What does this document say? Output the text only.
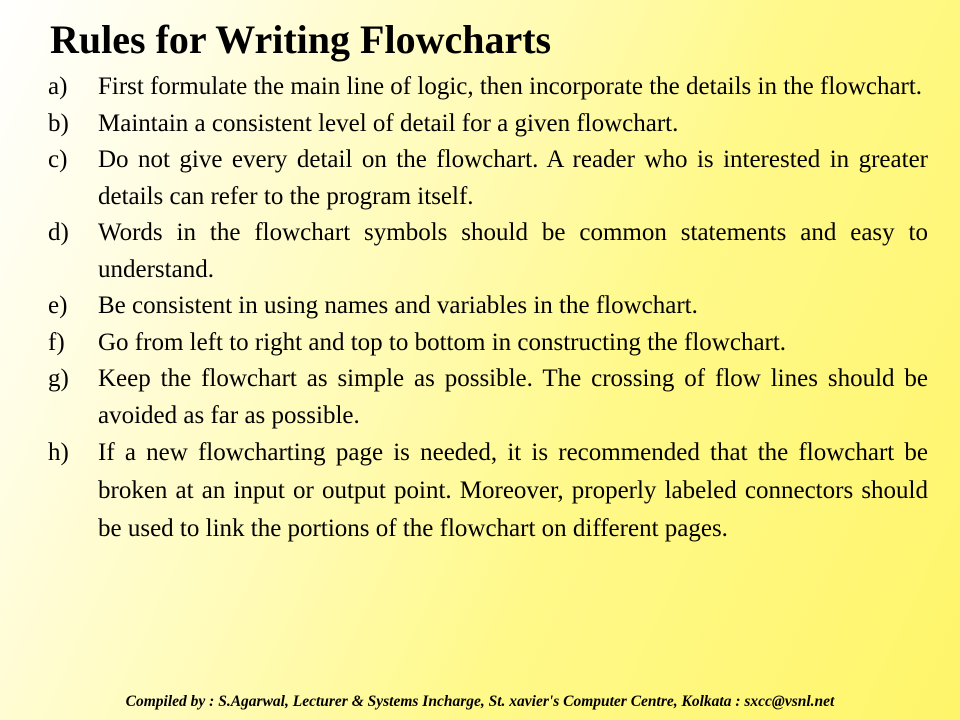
Rules for Writing Flowcharts
a) First formulate the main line of logic, then incorporate the details in the flowchart.
b) Maintain a consistent level of detail for a given flowchart.
c) Do not give every detail on the flowchart. A reader who is interested in greater details can refer to the program itself.
d) Words in the flowchart symbols should be common statements and easy to understand.
e) Be consistent in using names and variables in the flowchart.
f) Go from left to right and top to bottom in constructing the flowchart.
g) Keep the flowchart as simple as possible. The crossing of flow lines should be avoided as far as possible.
h) If a new flowcharting page is needed, it is recommended that the flowchart be broken at an input or output point. Moreover, properly labeled connectors should be used to link the portions of the flowchart on different pages.
Compiled by : S.Agarwal, Lecturer & Systems Incharge, St. xavier's Computer Centre, Kolkata : sxcc@vsnl.net
